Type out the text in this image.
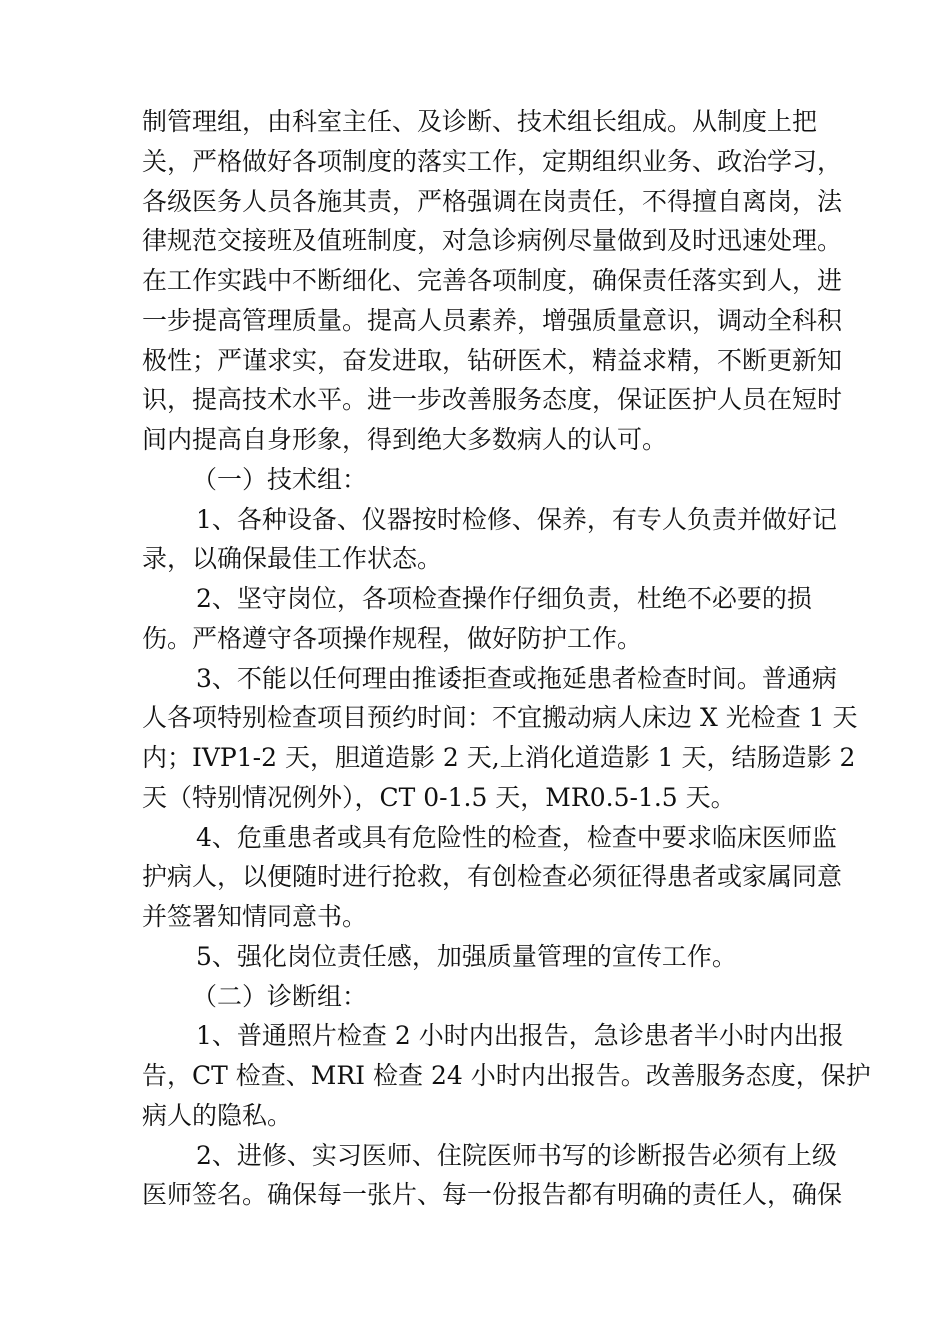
制管理组，由科室主任、及诊断、技术组长组成。从制度上把
关，严格做好各项制度的落实工作，定期组织业务、政治学习，
各级医务人员各施其责，严格强调在岗责任，不得擅自离岗，法
律规范交接班及值班制度，对急诊病例尽量做到及时迅速处理。
在工作实践中不断细化、完善各项制度，确保责任落实到人，进
一步提高管理质量。提高人员素养，增强质量意识，调动全科积
极性；严谨求实，奋发进取，钻研医术，精益求精，不断更新知
识，提高技术水平。进一步改善服务态度，保证医护人员在短时
间内提高自身形象，得到绝大多数病人的认可。
（一）技术组：
1、各种设备、仪器按时检修、保养，有专人负责并做好记
录，以确保最佳工作状态。
2、坚守岗位，各项检查操作仔细负责，杜绝不必要的损
伤。严格遵守各项操作规程，做好防护工作。
3、不能以任何理由推诿拒查或拖延患者检查时间。普通病
人各项特别检查项目预约时间：不宜搬动病人床边 X 光检查 1 天
内；IVP1-2 天，胆道造影 2 天,上消化道造影 1 天，结肠造影 2
天（特别情况例外），CT 0-1.5 天，MR0.5-1.5 天。
4、危重患者或具有危险性的检查，检查中要求临床医师监
护病人，以便随时进行抢救，有创检查必须征得患者或家属同意
并签署知情同意书。
5、强化岗位责任感，加强质量管理的宣传工作。
（二）诊断组：
1、普通照片检查 2 小时内出报告，急诊患者半小时内出报
告，CT 检查、MRI 检查 24 小时内出报告。改善服务态度，保护
病人的隐私。
2、进修、实习医师、住院医师书写的诊断报告必须有上级
医师签名。确保每一张片、每一份报告都有明确的责任人，确保
